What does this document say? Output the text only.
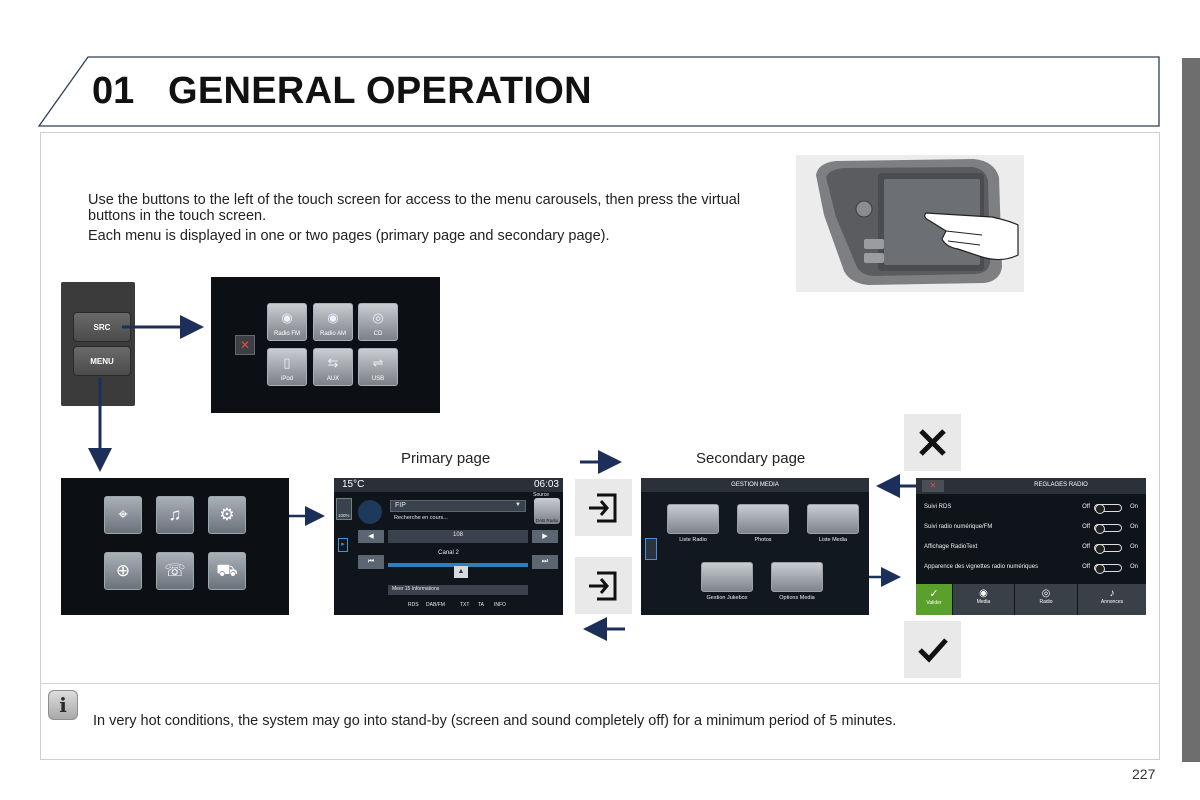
01 GENERAL OPERATION

Use the buttons to the left of the touch screen for access to the menu carousels, then press the virtual buttons in the touch screen.

Each menu is displayed in one or two pages (primary page and secondary page).

SRC
MENU
✕
◉
Radio FM
◉
Radio AM
◎
CD
▯
iPod
⇆
AUX
⇌
USB
⌖	♫	⚙
⊕	☏	⛟
Primary page	Secondary page
15°C	06:03
Source
100%
FIP	▼
Recherche en cours...	DAB Radio
▸
◀	108	▶
Canal 2
⏮
▲
⏭
Meer 15 Informations
RDS DAB/FM	TXT TA INFO
GESTION MEDIA
Liste Radio	Photos	Liste Media
Gestion Jukebox	Options Media
✕	REGLAGES RADIO
Suivi RDS	Off	On
Suivi radio numérique/FM	Off	On
Affichage RadioText	Off	On
Apparence des vignettes radio numériques	Off	On
✓
Valider
◉
Media
◎
Radio
♪
Annonces
i
In very hot conditions, the system may go into stand-by (screen and sound completely off) for a minimum period of 5 minutes.
227
